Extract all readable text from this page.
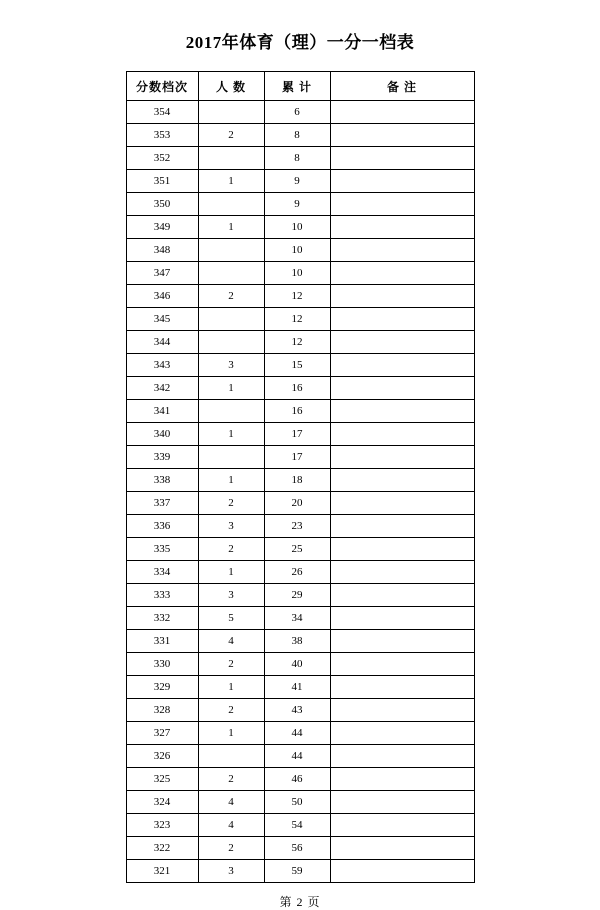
2017年体育（理）一分一档表
分数档次	人 数	累 计	备 注
354		6	
353	2	8	
352		8	
351	1	9	
350		9	
349	1	10	
348		10	
347		10	
346	2	12	
345		12	
344		12	
343	3	15	
342	1	16	
341		16	
340	1	17	
339		17	
338	1	18	
337	2	20	
336	3	23	
335	2	25	
334	1	26	
333	3	29	
332	5	34	
331	4	38	
330	2	40	
329	1	41	
328	2	43	
327	1	44	
326		44	
325	2	46	
324	4	50	
323	4	54	
322	2	56	
321	3	59	
第 2 页
